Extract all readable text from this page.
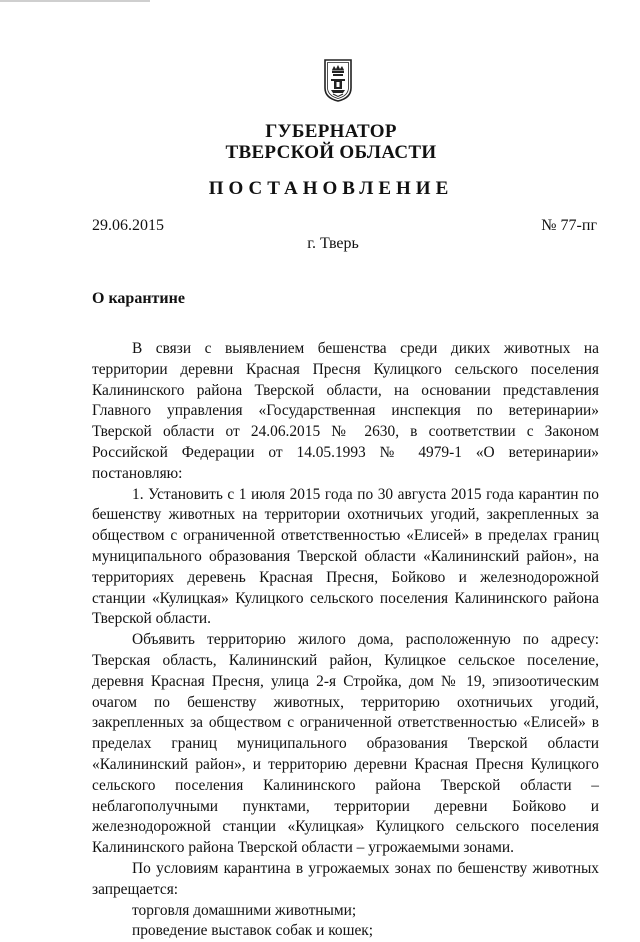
ГУБЕРНАТОР
ТВЕРСКОЙ ОБЛАСТИ
ПОСТАНОВЛЕНИЕ
29.06.2015	№ 77-пг
г. Тверь
О карантине

В связи с выявлением бешенства среди диких животных на территории деревни Красная Пресня Кулицкого сельского поселения Калининского района Тверской области, на основании представления Главного управления «Государственная инспекция по ветеринарии» Тверской области от 24.06.2015 № 2630, в соответствии с Законом Российской Федерации от 14.05.1993 № 4979-1 «О ветеринарии» постановляю:

1. Установить с 1 июля 2015 года по 30 августа 2015 года карантин по бешенству животных на территории охотничьих угодий, закрепленных за обществом с ограниченной ответственностью «Елисей» в пределах границ муниципального образования Тверской области «Калининский район», на территориях деревень Красная Пресня, Бойково и железнодорожной станции «Кулицкая» Кулицкого сельского поселения Калининского района Тверской области.

Объявить территорию жилого дома, расположенную по адресу: Тверская область, Калининский район, Кулицкое сельское поселение, деревня Красная Пресня, улица 2-я Стройка, дом № 19, эпизоотическим очагом по бешенству животных, территорию охотничьих угодий, закрепленных за обществом с ограниченной ответственностью «Елисей» в пределах границ муниципального образования Тверской области «Калининский район», и территорию деревни Красная Пресня Кулицкого сельского поселения Калининского района Тверской области – неблагополучными пунктами, территории деревни Бойково и железнодорожной станции «Кулицкая» Кулицкого сельского поселения Калининского района Тверской области – угрожаемыми зонами.

По условиям карантина в угрожаемых зонах по бешенству животных запрещается:

торговля домашними животными;

проведение выставок собак и кошек;
